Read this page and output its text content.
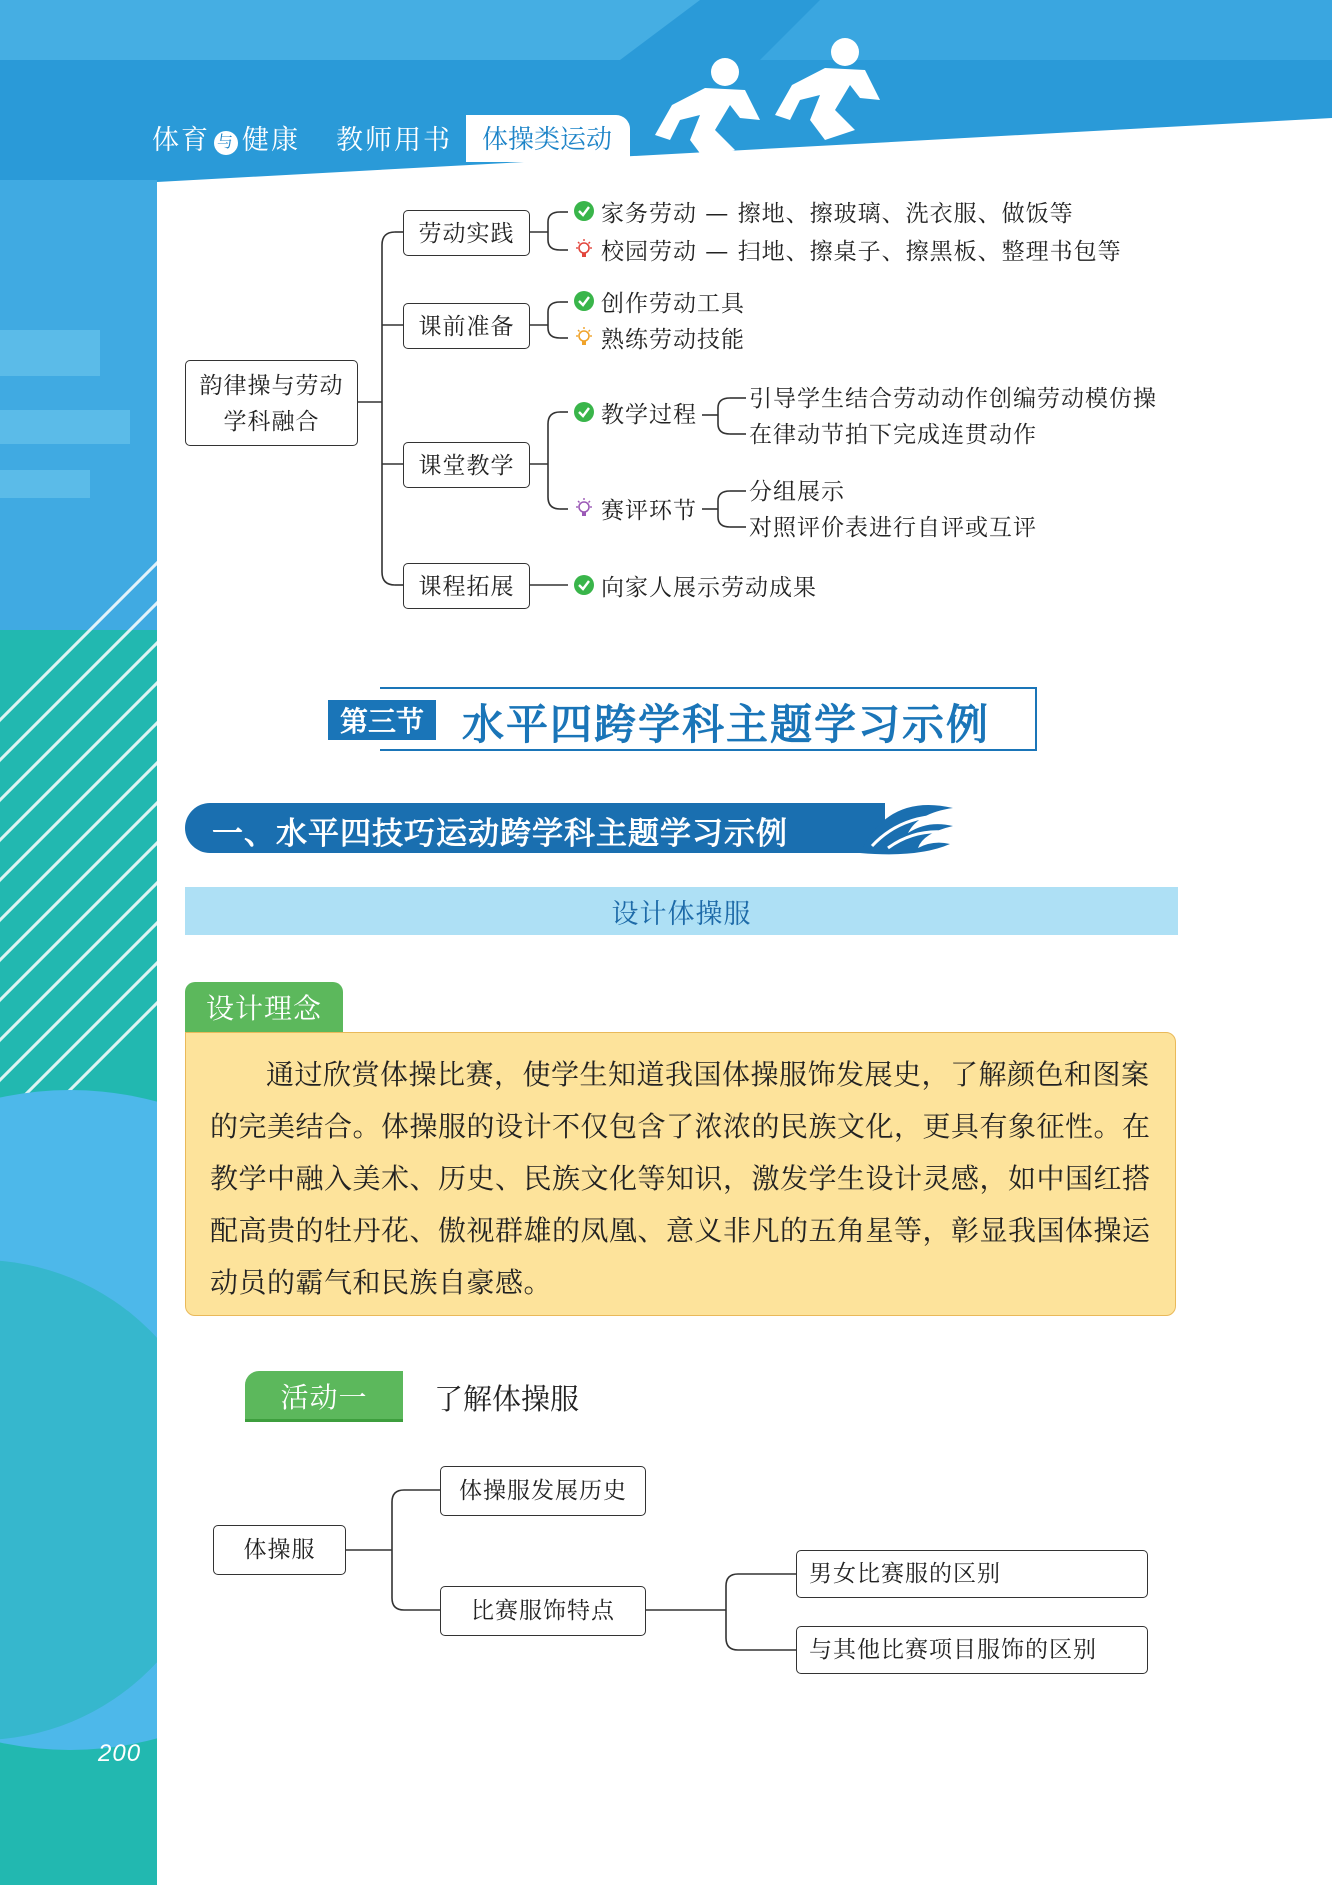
体育 与 健康 教师用书	体操类运动
韵律操与劳动学科融合
劳动实践
课前准备
课堂教学
课程拓展
家务劳动 — 擦地、擦玻璃、洗衣服、做饭等
校园劳动 — 扫地、擦桌子、擦黑板、整理书包等
创作劳动工具
熟练劳动技能
教学过程
赛评环节
引导学生结合劳动动作创编劳动模仿操
在律动节拍下完成连贯动作
分组展示
对照评价表进行自评或互评
向家人展示劳动成果
第三节 水平四跨学科主题学习示例
一、水平四技巧运动跨学科主题学习示例
设计体操服
设计理念
通过欣赏体操比赛，使学生知道我国体操服饰发展史，了解颜色和图案的完美结合。体操服的设计不仅包含了浓浓的民族文化，更具有象征性。在教学中融入美术、历史、民族文化等知识，激发学生设计灵感，如中国红搭配高贵的牡丹花、傲视群雄的凤凰、意义非凡的五角星等，彰显我国体操运动员的霸气和民族自豪感。
活动一	了解体操服
体操服
体操服发展历史
比赛服饰特点
男女比赛服的区别
与其他比赛项目服饰的区别
200
